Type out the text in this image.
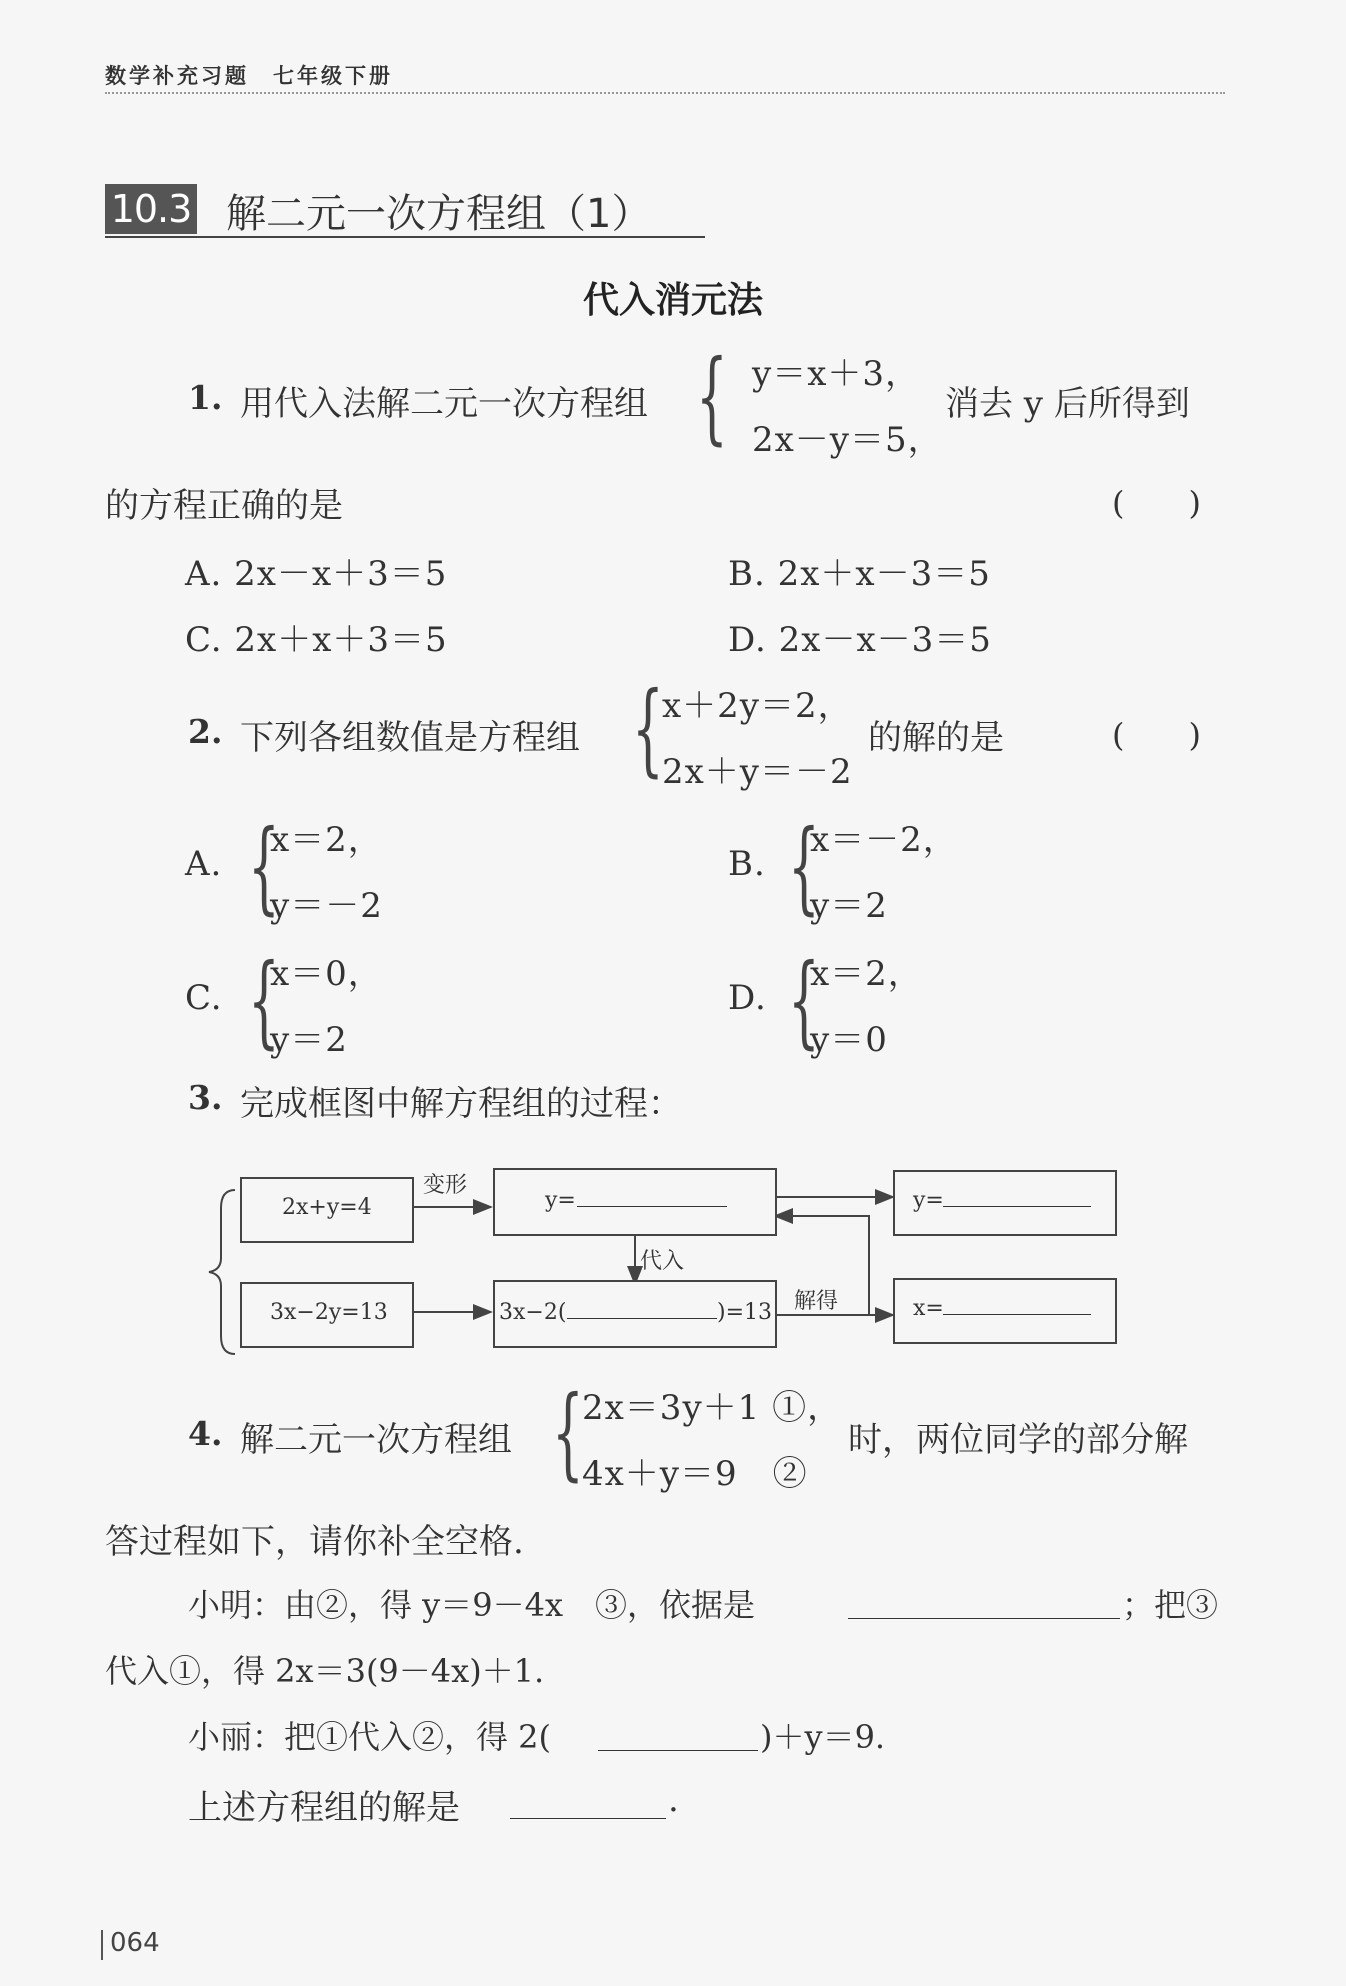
数学补充习题　七年级下册
10.3 解二元一次方程组（1）
代入消元法
1. 用代入法解二元一次方程组 { y＝x＋3，
2x－y＝5，
消去 y 后所得到
的方程正确的是	(　　)
A. 2x－x＋3＝5	B. 2x＋x－3＝5
C. 2x＋x＋3＝5	D. 2x－x－3＝5
2. 下列各组数值是方程组 {
x＋2y＝2，
2x＋y＝－2
的解的是	(　　)
A. {
x＝2，
y＝－2
B. {
x＝－2，
y＝2
C. {
x＝0，
y＝2
D. {
x＝2，
y＝0
3. 完成框图中解方程组的过程：
2x+y=4
3x−2y=13
y=
3x−2(	)=13
y=
x=
变形
代入
解得
4. 解二元一次方程组 {
2x＝3y＋1 ①，
4x＋y＝9　②
时，两位同学的部分解
答过程如下，请你补全空格.
小明：由②，得 y＝9－4x　③，依据是	；把③
代入①，得 2x＝3(9－4x)＋1.
小丽：把①代入②，得 2(	)＋y＝9.
上述方程组的解是	.
064
